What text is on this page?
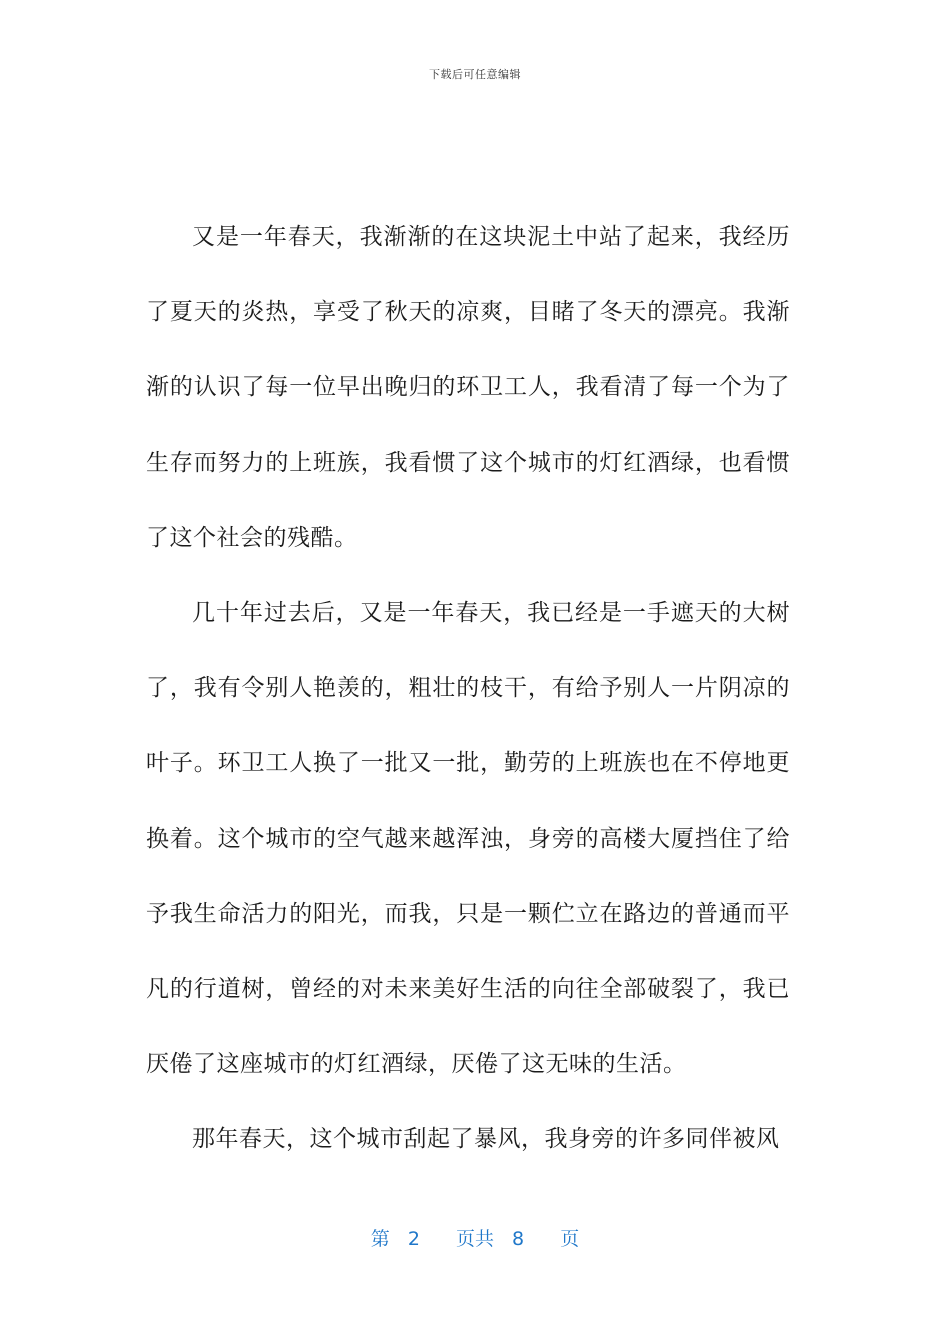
下载后可任意编辑

又是一年春天，我渐渐的在这块泥土中站了起来，我经历了夏天的炎热，享受了秋天的凉爽，目睹了冬天的漂亮。我渐渐的认识了每一位早出晚归的环卫工人，我看清了每一个为了生存而努力的上班族，我看惯了这个城市的灯红酒绿，也看惯了这个社会的残酷。

几十年过去后，又是一年春天，我已经是一手遮天的大树了，我有令别人艳羡的，粗壮的枝干，有给予别人一片阴凉的叶子。环卫工人换了一批又一批，勤劳的上班族也在不停地更换着。这个城市的空气越来越浑浊，身旁的高楼大厦挡住了给予我生命活力的阳光，而我，只是一颗伫立在路边的普通而平凡的行道树，曾经的对未来美好生活的向往全部破裂了，我已厌倦了这座城市的灯红酒绿，厌倦了这无味的生活。

那年春天，这个城市刮起了暴风，我身旁的许多同伴被风

第 2 页共 8 页
